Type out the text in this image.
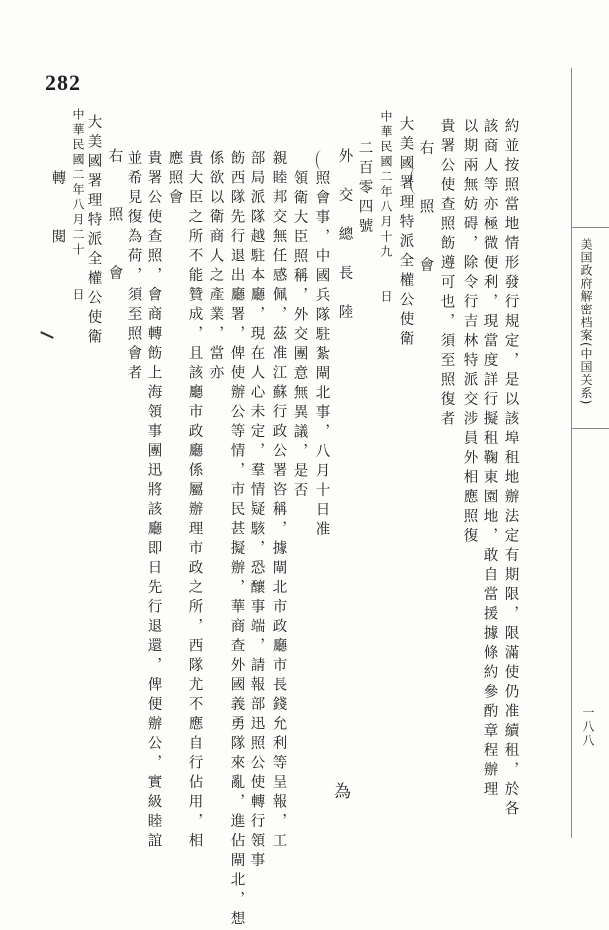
282
美国政府解密档案(中国关系)
一八八
約並按照當地情形發行規定，是以該埠租地辦法定有期限，限滿使仍准續租，於各
該商人等亦極微便利，現當度詳行擬租鞠東園地，敢自當援據條約參酌章程辦理
以期兩無妨碍，除令行吉林特派交涉員外相應照復
貴署公使查照飭遵可也，須至照復者
右　　照　　會
大美國署理特派全權公使衛
中華民國二年八月十九　　日
二百零四號
外　交　總　長　陸
照會事，中國兵隊駐紮閘北事，八月十日准
領衛大臣照稱，外交團意無異議，是否
親睦邦交無任感佩，茲准江蘇行政公署咨稱，據閘北市政廳市長錢允利等呈報，工
部局派隊越駐本廳，現在人心未定，羣情疑駭，恐釀事端，請報部迅照公使轉行領事
飭西隊先行退出廳署，俾使辦公等情，市民甚擬辦，華商查外國義勇隊來亂，進佔閘北，想
係欲以衛商人之產業，當亦
貴大臣之所不能贊成，且該廳市政廳係屬辦理市政之所，西隊尤不應自行佔用，相
應照會
貴署公使查照，會商轉飭上海領事團迅將該廳即日先行退還，俾便辦公，實級睦誼
並希見復為荷，須至照會者
右　　照　　會
大美國署理特派全權公使衛
中華民國二年八月二十　　日
轉　　閱
為
